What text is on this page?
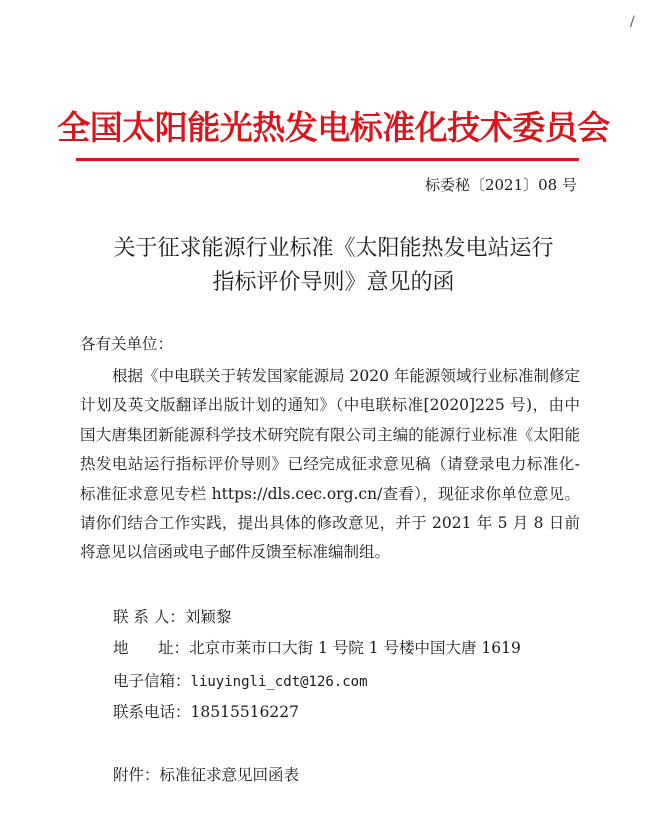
/
全国太阳能光热发电标准化技术委员会
标委秘〔2021〕08 号
关于征求能源行业标准《太阳能热发电站运行
指标评价导则》意见的函
各有关单位：
根据《中电联关于转发国家能源局 2020 年能源领域行业标准制修定计划及英文版翻译出版计划的通知》（中电联标准[2020]225 号)，由中国大唐集团新能源科学技术研究院有限公司主编的能源行业标准《太阳能热发电站运行指标评价导则》已经完成征求意见稿（请登录电力标准化-标准征求意见专栏 https://dls.cec.org.cn/查看），现征求你单位意见。请你们结合工作实践，提出具体的修改意见，并于 2021 年 5 月 8 日前将意见以信函或电子邮件反馈至标准编制组。
联 系 人：刘颖黎
地      址：北京市莱市口大街 1 号院 1 号楼中国大唐 1619
电子信箱：liuyingli_cdt@126.com
联系电话：18515516227
附件：标准征求意见回函表
